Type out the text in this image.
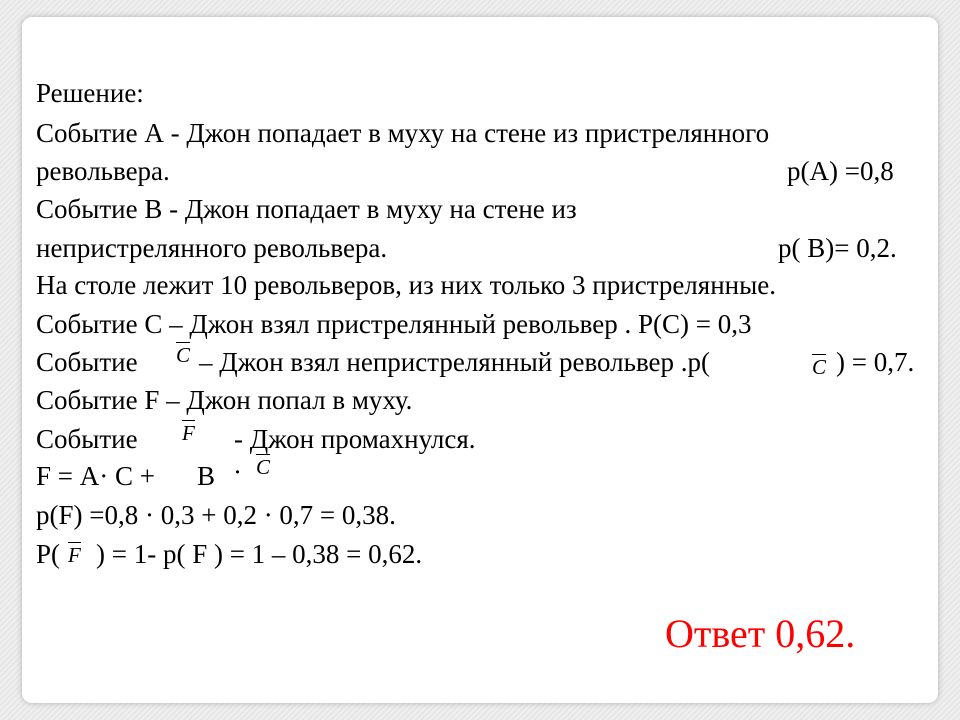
Решение:
Событие А - Джон попадает в муху на стене из пристрелянного
револьвера.	р(А) =0,8
Событие В - Джон попадает в муху на стене из
непристрелянного револьвера.	р( В)= 0,2.
На столе лежит 10 револьверов, из них только 3 пристрелянные.
Событие С – Джон взял пристрелянный револьвер . Р(С) = 0,3
Событие С – Джон взял непристрелянный револьвер .р(	С ) = 0,7.
Событие F – Джон попал в муху.
Событие F - Джон промахнулся.
F = А· С + В · С
р(F) =0,8 · 0,3 + 0,2 · 0,7 = 0,38.
Р( F ) = 1- р( F ) = 1 – 0,38 = 0,62.
Ответ 0,62.
